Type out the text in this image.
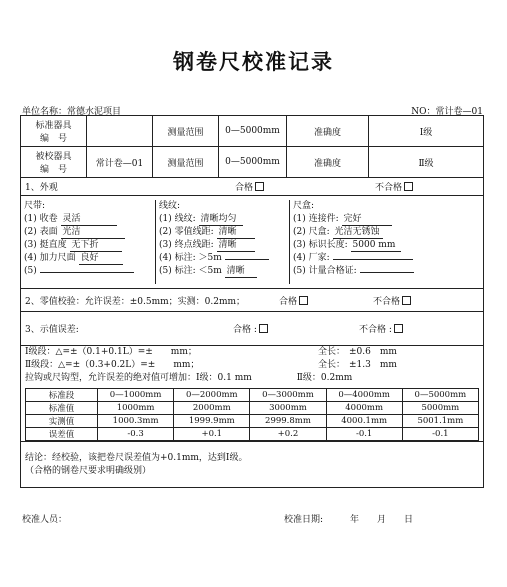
钢卷尺校准记录
单位名称：常德水泥项目	NO：常计卷—01
标准器具
编　号		测量范围	0—5000mm	准确度	Ⅰ级
被校器具
编　号	常计卷—01	测量范围	0—5000mm	准确度	Ⅱ级

1、外观	合格	不合格

尺带:
(1) 收卷 灵活
(2) 表面 光洁
(3) 挺直度 无下折
(4) 加力尺面 良好
(5)
线纹:
(1) 线纹: 清晰均匀
(2) 零值线距: 清晰
(3) 终点线距: 清晰
(4) 标注: ＞5m
(5) 标注: ＜5m 清晰
尺盒:
(1) 连接件: 完好
(2) 尺盒: 光洁无锈蚀
(3) 标识长度: 5000 mm
(4) 厂家:
(5) 计量合格证:

2、零值校验：允许误差：±0.5mm；实测：0.2mm；	合格	不合格

3、示值误差:	合格 :	不合格 :

Ⅰ级段：△=±（0.1+0.1L）=±　　mm；	全长： ±0.6　mm
Ⅱ级段：△=±（0.3+0.2L）=±　　mm；	全长： ±1.3　mm
拉钩或尺钩型，允许误差的绝对值可增加：Ⅰ级：0.1 mm　　　　　Ⅱ级：0.2mm
标准段	0—1000mm	0—2000mm	0—3000mm	0—4000mm	0—5000mm
标准值	1000mm	2000mm	3000mm	4000mm	5000mm
实测值	1000.3mm	1999.9mm	2999.8mm	4000.1mm	5001.1mm
误差值	-0.3	+0.1	+0.2	-0.1	-0.1

结论：经校验，该把卷尺误差值为+0.1mm，达到Ⅰ级。
（合格的钢卷尺要求明确级别）
校准人员：	校准日期:　　　年　　月　　日
